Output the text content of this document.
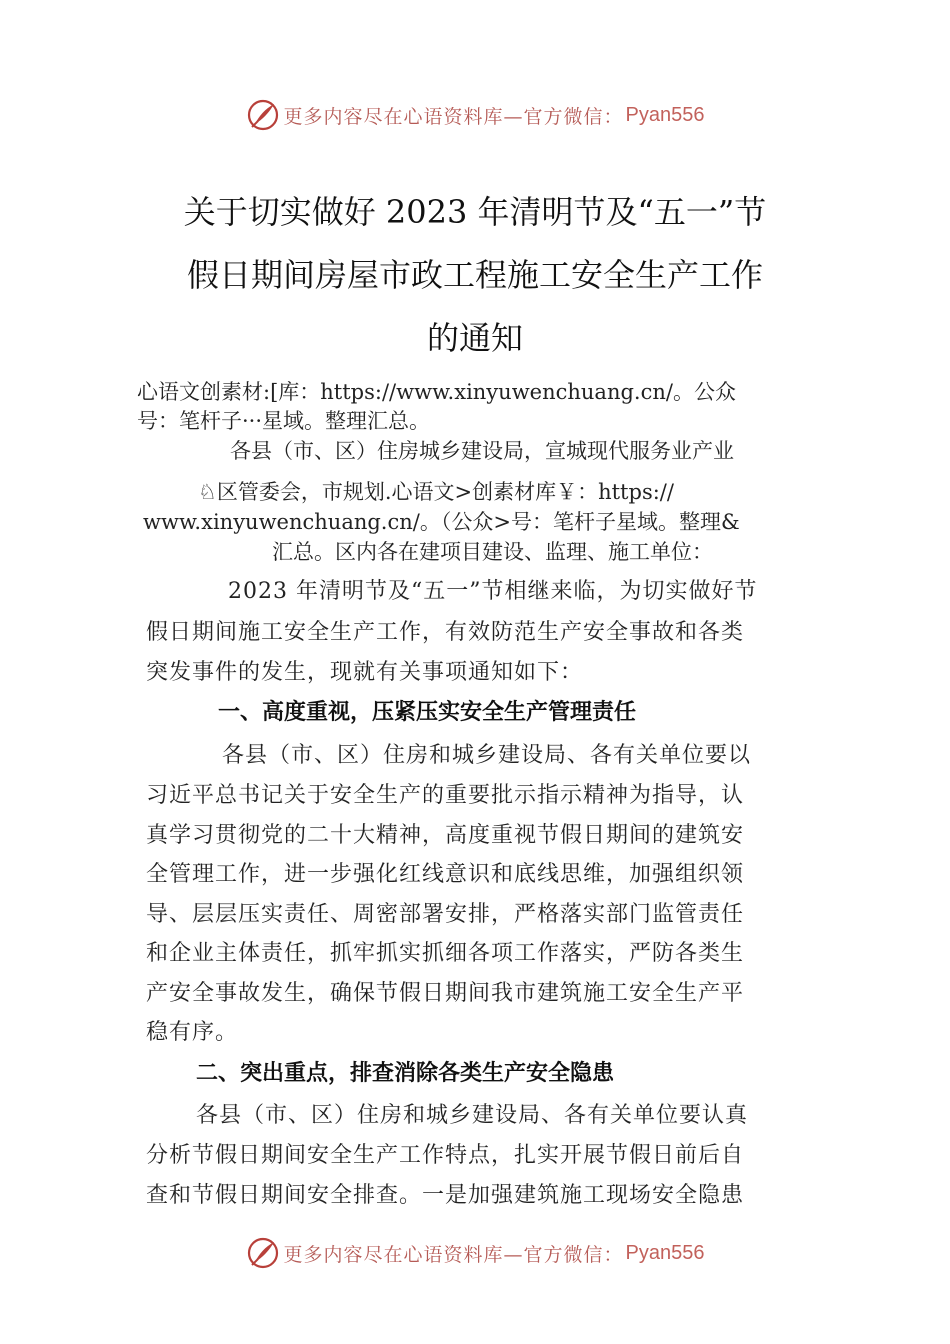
更多内容尽在心语资料库—官方微信： Pyan556
关于切实做好 2023 年清明节及“五一”节
假日期间房屋市政工程施工安全生产工作
的通知
心语文创素材:[库：https://www.xinyuwenchuang.cn/。公众
号：笔杆子···星域。整理汇总。
各县（市、区）住房城乡建设局，宣城现代服务业产业
♘区管委会，市规划.心语文>创素材库￥：https://
www.xinyuwenchuang.cn/。（公众>号：笔杆子星域。整理&
汇总。区内各在建项目建设、监理、施工单位：
2023 年清明节及“五一”节相继来临，为切实做好节
假日期间施工安全生产工作，有效防范生产安全事故和各类
突发事件的发生，现就有关事项通知如下：
一、高度重视，压紧压实安全生产管理责任
各县（市、区）住房和城乡建设局、各有关单位要以
习近平总书记关于安全生产的重要批示指示精神为指导，认
真学习贯彻党的二十大精神，高度重视节假日期间的建筑安
全管理工作，进一步强化红线意识和底线思维，加强组织领
导、层层压实责任、周密部署安排，严格落实部门监管责任
和企业主体责任，抓牢抓实抓细各项工作落实，严防各类生
产安全事故发生，确保节假日期间我市建筑施工安全生产平
稳有序。
二、突出重点，排查消除各类生产安全隐患
各县（市、区）住房和城乡建设局、各有关单位要认真
分析节假日期间安全生产工作特点，扎实开展节假日前后自
查和节假日期间安全排查。一是加强建筑施工现场安全隐患
更多内容尽在心语资料库—官方微信： Pyan556
